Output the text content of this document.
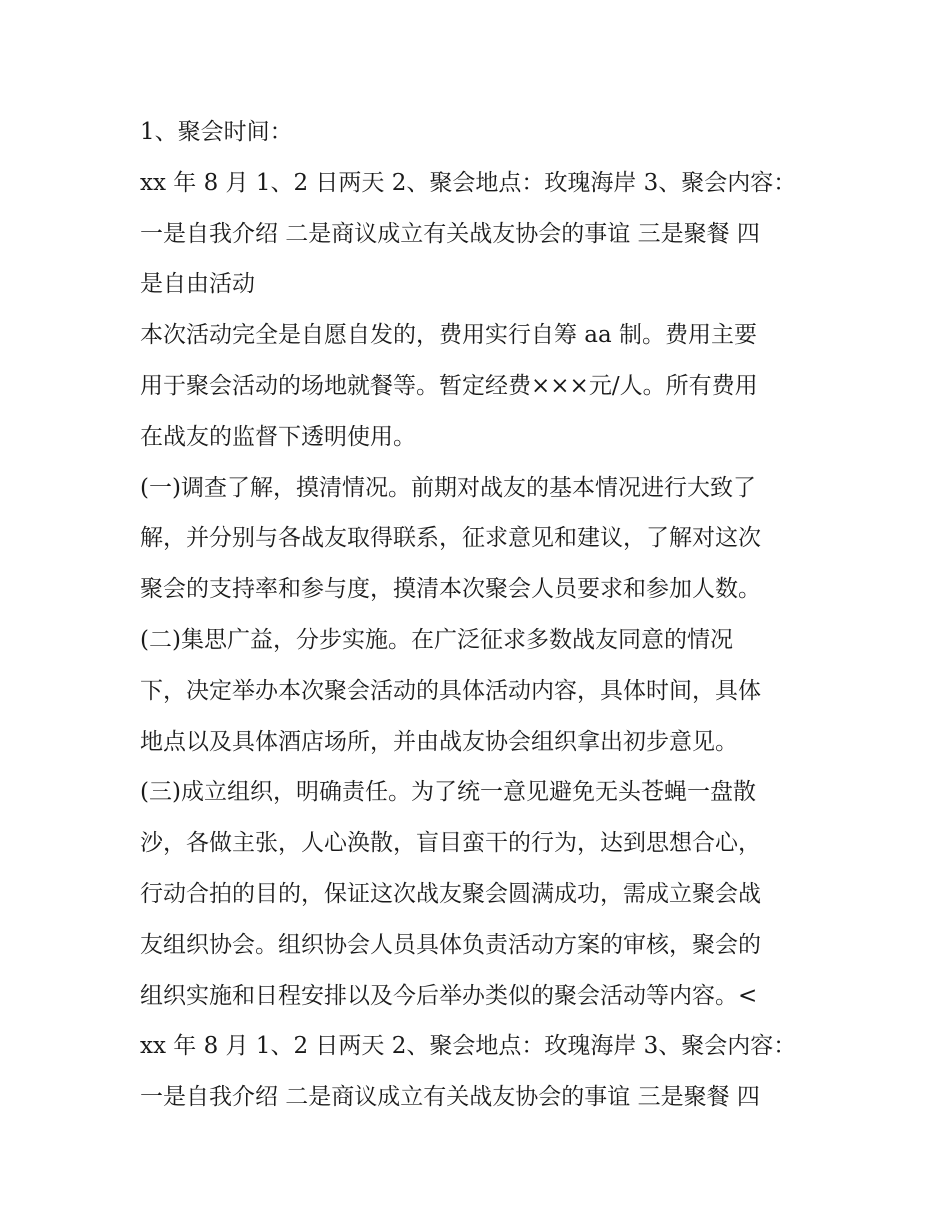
1、聚会时间：
xx 年 8 月 1、2 日两天 2、聚会地点：玫瑰海岸 3、聚会内容：
一是自我介绍 二是商议成立有关战友协会的事谊 三是聚餐 四
是自由活动
本次活动完全是自愿自发的，费用实行自筹 aa 制。费用主要
用于聚会活动的场地就餐等。暂定经费×××元/人。所有费用
在战友的监督下透明使用。
(一)调查了解，摸清情况。前期对战友的基本情况进行大致了
解，并分别与各战友取得联系，征求意见和建议，了解对这次
聚会的支持率和参与度，摸清本次聚会人员要求和参加人数。
(二)集思广益，分步实施。在广泛征求多数战友同意的情况
下，决定举办本次聚会活动的具体活动内容，具体时间，具体
地点以及具体酒店场所，并由战友协会组织拿出初步意见。
(三)成立组织，明确责任。为了统一意见避免无头苍蝇一盘散
沙，各做主张，人心涣散，盲目蛮干的行为，达到思想合心，
行动合拍的目的，保证这次战友聚会圆满成功，需成立聚会战
友组织协会。组织协会人员具体负责活动方案的审核，聚会的
组织实施和日程安排以及今后举办类似的聚会活动等内容。<
xx 年 8 月 1、2 日两天 2、聚会地点：玫瑰海岸 3、聚会内容：
一是自我介绍 二是商议成立有关战友协会的事谊 三是聚餐 四
